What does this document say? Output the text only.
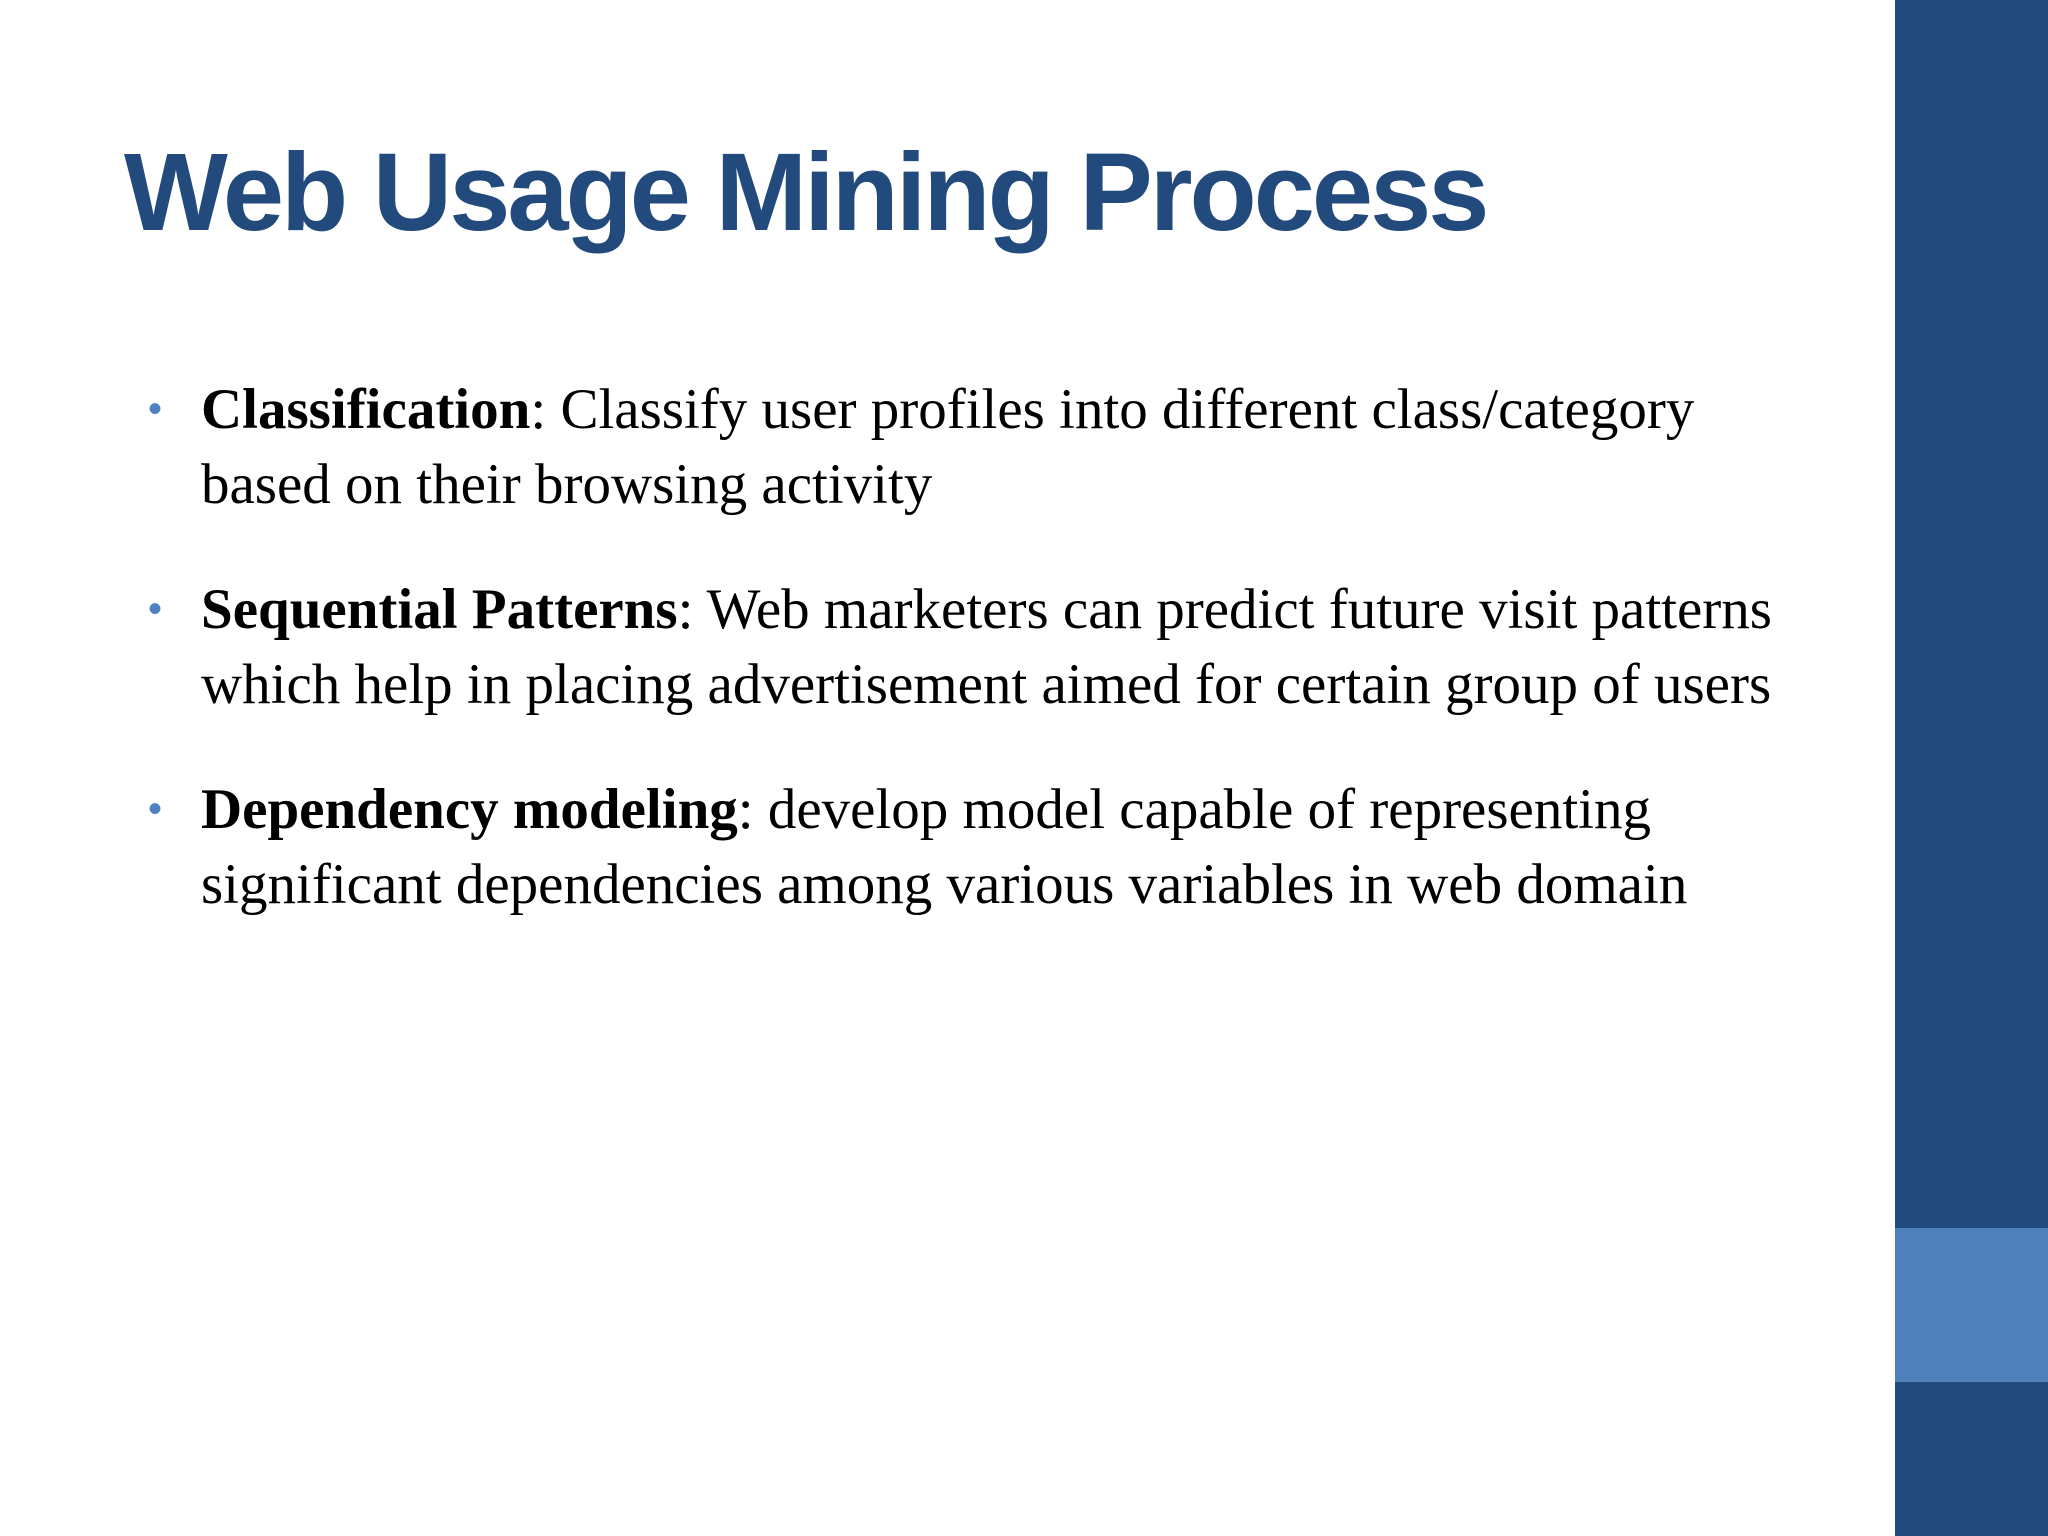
Web Usage Mining Process
• Classification: Classify user profiles into different class/category based on their browsing activity
• Sequential Patterns: Web marketers can predict future visit patterns which help in placing advertisement aimed for certain group of users
• Dependency modeling: develop model capable of representing significant dependencies among various variables in web domain
